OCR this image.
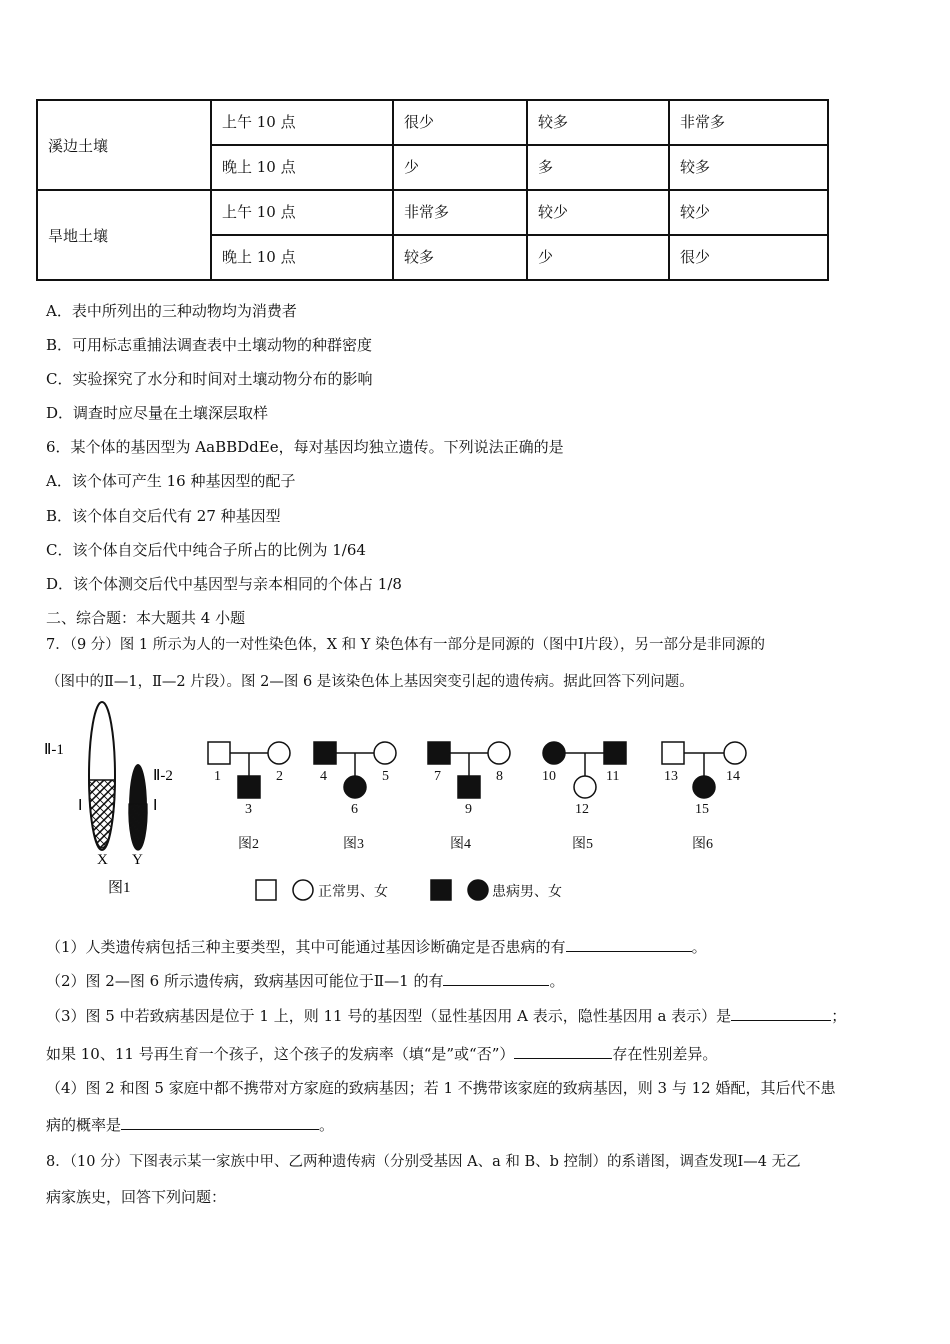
溪边土壤	上午 10 点	很少	较多	非常多
	晚上 10 点	少	多	较多
旱地土壤	上午 10 点	非常多	较少	较少
	晚上 10 点	较多	少	很少
A．表中所列出的三种动物均为消费者
B．可用标志重捕法调查表中土壤动物的种群密度
C．实验探究了水分和时间对土壤动物分布的影响
D．调查时应尽量在土壤深层取样
6．某个体的基因型为 AaBBDdEe，每对基因均独立遗传。下列说法正确的是
A．该个体可产生 16 种基因型的配子
B．该个体自交后代有 27 种基因型
C．该个体自交后代中纯合子所占的比例为 1/64
D．该个体测交后代中基因型与亲本相同的个体占 1/8
二、综合题：本大题共 4 小题
7．（9 分）图 1 所示为人的一对性染色体，X 和 Y 染色体有一部分是同源的（图中Ⅰ片段），另一部分是非同源的
（图中的Ⅱ—1，Ⅱ—2 片段）。图 2—图 6 是该染色体上基因突变引起的遗传病。据此回答下列问题。
Ⅱ-1
Ⅱ-2
Ⅰ	Ⅰ
X Y
图1
1	2
3
图2
4	5
6
图3
7	8
9
图4
10	11
12
图5
13	14
15
图6
正常男、女	患病男、女
（1）人类遗传病包括三种主要类型，其中可能通过基因诊断确定是否患病的有	。
（2）图 2—图 6 所示遗传病，致病基因可能位于Ⅱ—1 的有	。
（3）图 5 中若致病基因是位于 1 上，则 11 号的基因型（显性基因用 A 表示，隐性基因用 a 表示）是	；
如果 10、11 号再生育一个孩子，这个孩子的发病率（填“是”或“否”）	存在性别差异。
（4）图 2 和图 5 家庭中都不携带对方家庭的致病基因；若 1 不携带该家庭的致病基因，则 3 与 12 婚配，其后代不患
病的概率是	。
8．（10 分）下图表示某一家族中甲、乙两种遗传病（分别受基因 A、a 和 B、b 控制）的系谱图，调查发现Ⅰ—4 无乙
病家族史，回答下列问题：
